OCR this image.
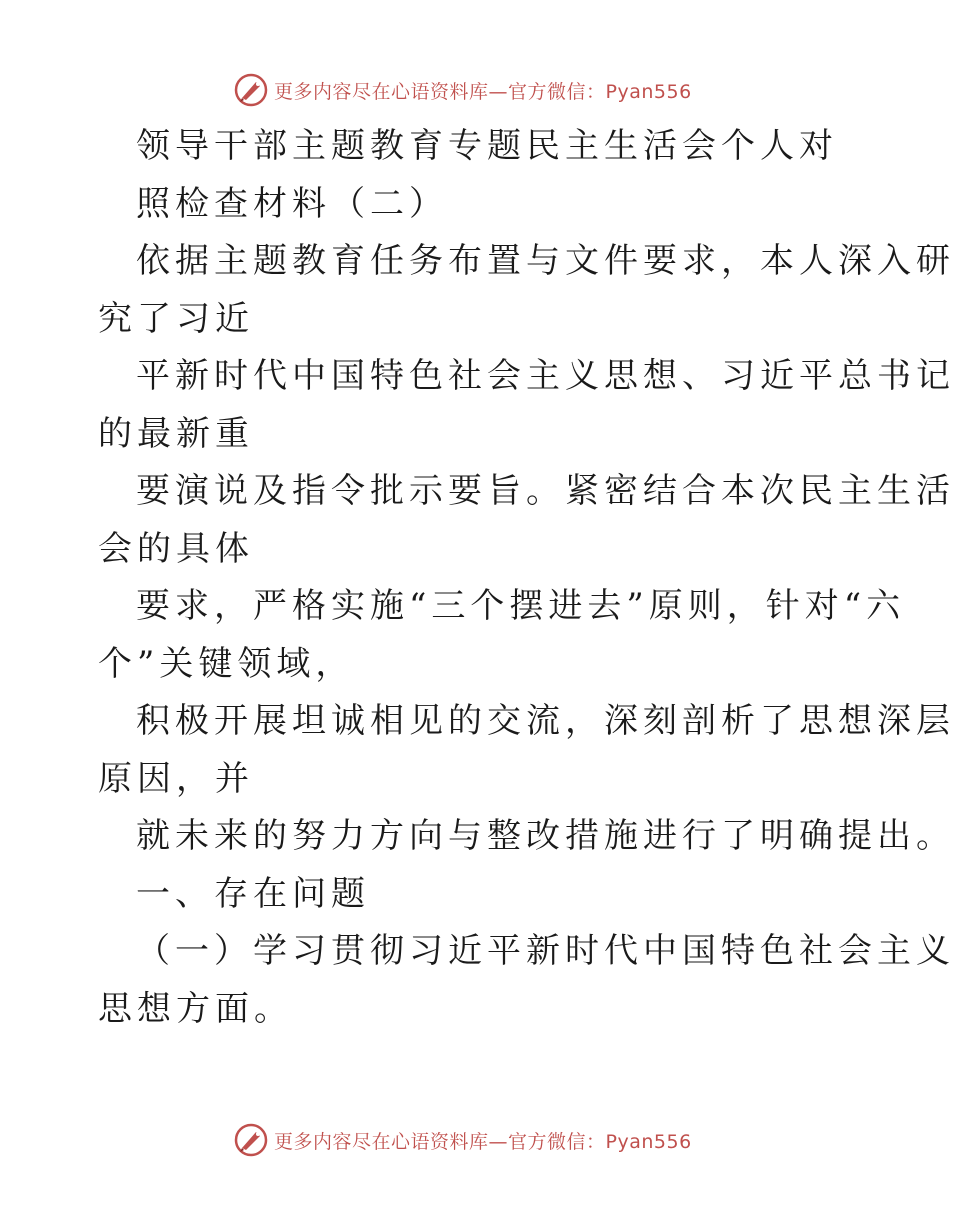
更多内容尽在心语资料库—官方微信：Pyan556
领导干部主题教育专题民主生活会个人对
照检查材料（二）
依据主题教育任务布置与文件要求，本人深入研
究了习近
平新时代中国特色社会主义思想、习近平总书记
的最新重
要演说及指令批示要旨。紧密结合本次民主生活
会的具体
要求，严格实施“三个摆进去”原则，针对“六
个”关键领域，
积极开展坦诚相见的交流，深刻剖析了思想深层
原因，并
就未来的努力方向与整改措施进行了明确提出。
一、存在问题
（一）学习贯彻习近平新时代中国特色社会主义
思想方面。
更多内容尽在心语资料库—官方微信：Pyan556
